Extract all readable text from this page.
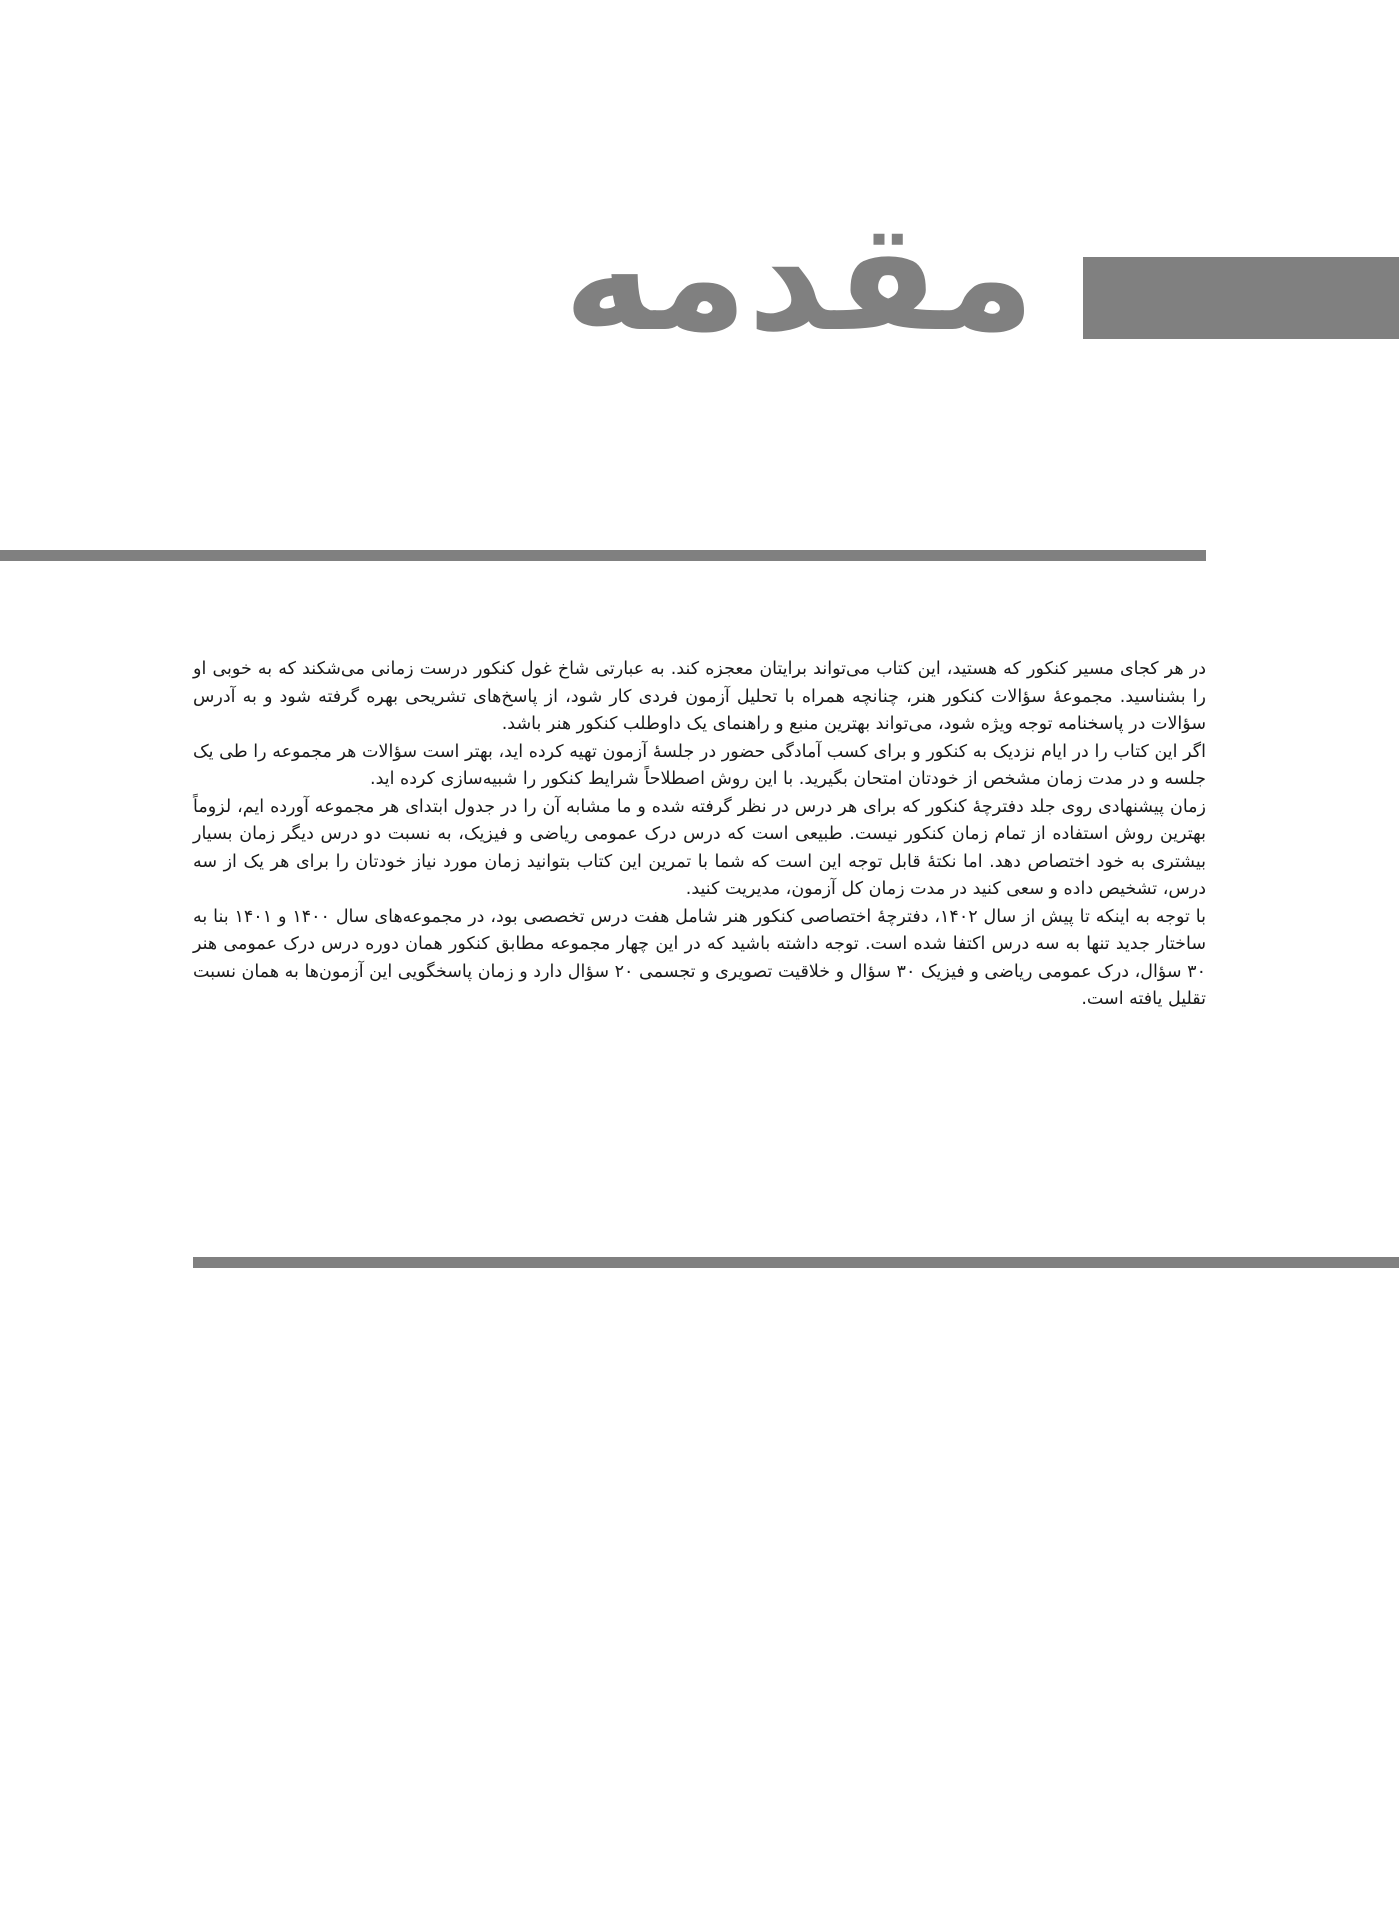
مقدمه

در هر کجای مسیر کنکور که هستید، این کتاب می‌تواند برایتان معجزه کند. به عبارتی شاخ غول کنکور درست زمانی می‌شکند که به خوبی او را بشناسید. مجموعهٔ سؤالات کنکور هنر، چنانچه همراه با تحلیل آزمون فردی کار شود، از پاسخ‌های تشریحی بهره گرفته شود و به آدرس سؤالات در پاسخنامه توجه ویژه شود، می‌تواند بهترین منبع و راهنمای یک داوطلب کنکور هنر باشد.

اگر این کتاب را در ایام نزدیک به کنکور و برای کسب آمادگی حضور در جلسهٔ آزمون تهیه کرده اید، بهتر است سؤالات هر مجموعه را طی یک جلسه و در مدت زمان مشخص از خودتان امتحان بگیرید. با این روش اصطلاحاً شرایط کنکور را شبیه‌سازی کرده اید.

زمان پیشنهادی روی جلد دفترچهٔ کنکور که برای هر درس در نظر گرفته شده و ما مشابه آن را در جدول ابتدای هر مجموعه آورده ایم، لزوماً بهترین روش استفاده از تمام زمان کنکور نیست. طبیعی است که درس درک عمومی ریاضی و فیزیک، به نسبت دو درس دیگر زمان بسیار بیشتری به خود اختصاص دهد. اما نکتهٔ قابل توجه این است که شما با تمرین این کتاب بتوانید زمان مورد نیاز خودتان را برای هر یک از سه درس، تشخیص داده و سعی کنید در مدت زمان کل آزمون، مدیریت کنید.

با توجه به اینکه تا پیش از سال ۱۴۰۲، دفترچهٔ اختصاصی کنکور هنر شامل هفت درس تخصصی بود، در مجموعه‌های سال ۱۴۰۰ و ۱۴۰۱ بنا به ساختار جدید تنها به سه درس اکتفا شده است. توجه داشته باشید که در این چهار مجموعه مطابق کنکور همان دوره درس درک عمومی هنر ۳۰ سؤال، درک عمومی ریاضی و فیزیک ۳۰ سؤال و خلاقیت تصویری و تجسمی ۲۰ سؤال دارد و زمان پاسخگویی این آزمون‌ها به همان نسبت تقلیل یافته است.
